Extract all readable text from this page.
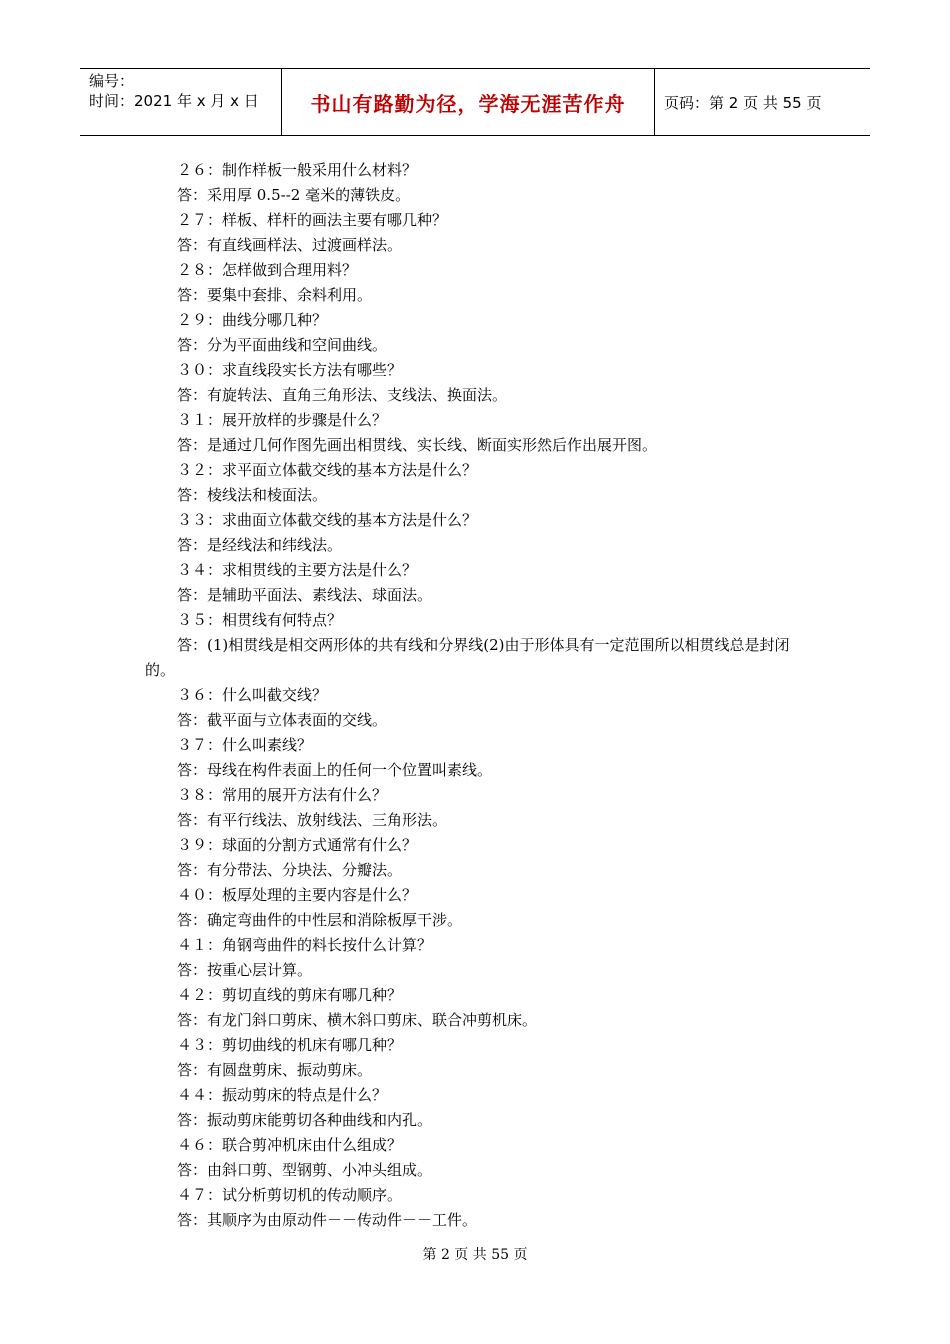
编号：
时间：2021 年 x 月 x 日	书山有路勤为径，学海无涯苦作舟	页码：第 2 页 共 55 页
２６：制作样板一般采用什么材料？
答：采用厚 0.5--2 毫米的薄铁皮。
２７：样板、样杆的画法主要有哪几种？
答：有直线画样法、过渡画样法。
２８：怎样做到合理用料？
答：要集中套排、余料利用。
２９：曲线分哪几种？
答：分为平面曲线和空间曲线。
３０：求直线段实长方法有哪些？
答：有旋转法、直角三角形法、支线法、换面法。
３１：展开放样的步骤是什么？
答：是通过几何作图先画出相贯线、实长线、断面实形然后作出展开图。
３２：求平面立体截交线的基本方法是什么？
答：棱线法和棱面法。
３３：求曲面立体截交线的基本方法是什么？
答：是经线法和纬线法。
３４：求相贯线的主要方法是什么？
答：是辅助平面法、素线法、球面法。
３５：相贯线有何特点？
答：(1)相贯线是相交两形体的共有线和分界线(2)由于形体具有一定范围所以相贯线总是封闭的。
３６：什么叫截交线？
答：截平面与立体表面的交线。
３７：什么叫素线？
答：母线在构件表面上的任何一个位置叫素线。
３８：常用的展开方法有什么？
答：有平行线法、放射线法、三角形法。
３９：球面的分割方式通常有什么？
答：有分带法、分块法、分瓣法。
４０：板厚处理的主要内容是什么？
答：确定弯曲件的中性层和消除板厚干涉。
４１：角钢弯曲件的料长按什么计算？
答：按重心层计算。
４２：剪切直线的剪床有哪几种？
答：有龙门斜口剪床、横木斜口剪床、联合冲剪机床。
４３：剪切曲线的机床有哪几种？
答：有圆盘剪床、振动剪床。
４４：振动剪床的特点是什么？
答：振动剪床能剪切各种曲线和内孔。
４６：联合剪冲机床由什么组成？
答：由斜口剪、型钢剪、小冲头组成。
４７：试分析剪切机的传动顺序。
答：其顺序为由原动件－－传动件－－工件。
第 2 页 共 55 页
